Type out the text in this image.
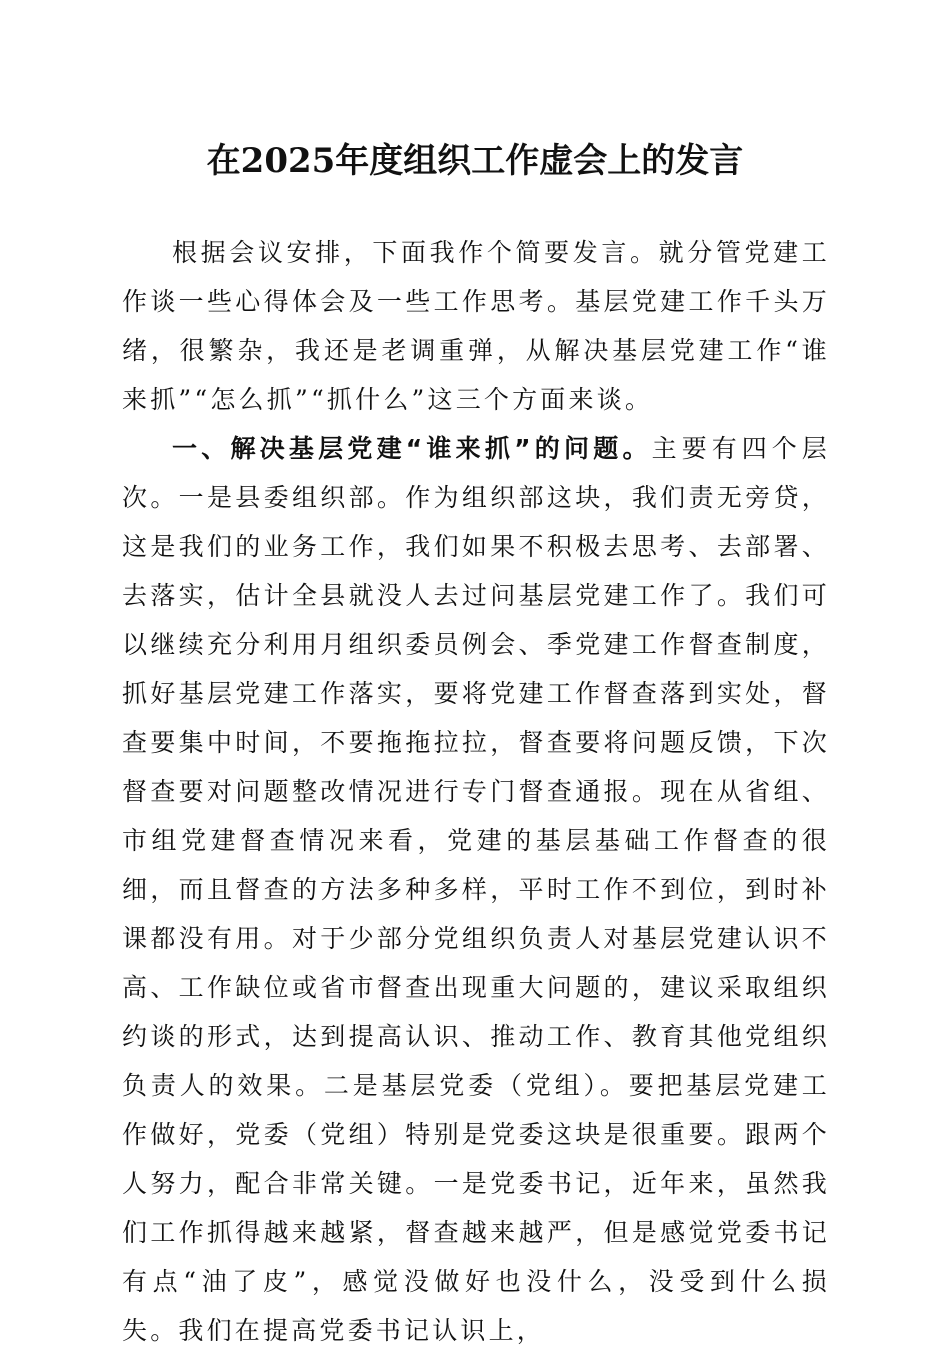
在2025年度组织工作虚会上的发言

根据会议安排，下面我作个简要发言。就分管党建工作谈一些心得体会及一些工作思考。基层党建工作千头万绪，很繁杂，我还是老调重弹，从解决基层党建工作“谁来抓”“怎么抓”“抓什么”这三个方面来谈。

一、解决基层党建“谁来抓”的问题。主要有四个层次。一是县委组织部。作为组织部这块，我们责无旁贷，这是我们的业务工作，我们如果不积极去思考、去部署、去落实，估计全县就没人去过问基层党建工作了。我们可以继续充分利用月组织委员例会、季党建工作督查制度，抓好基层党建工作落实，要将党建工作督查落到实处，督查要集中时间，不要拖拖拉拉，督查要将问题反馈，下次督查要对问题整改情况进行专门督查通报。现在从省组、市组党建督查情况来看，党建的基层基础工作督查的很细，而且督查的方法多种多样，平时工作不到位，到时补课都没有用。对于少部分党组织负责人对基层党建认识不高、工作缺位或省市督查出现重大问题的，建议采取组织约谈的形式，达到提高认识、推动工作、教育其他党组织负责人的效果。二是基层党委（党组）。要把基层党建工作做好，党委（党组）特别是党委这块是很重要。跟两个人努力，配合非常关键。一是党委书记，近年来，虽然我们工作抓得越来越紧，督查越来越严，但是感觉党委书记有点“油了皮”，感觉没做好也没什么，没受到什么损失。我们在提高党委书记认识上，
